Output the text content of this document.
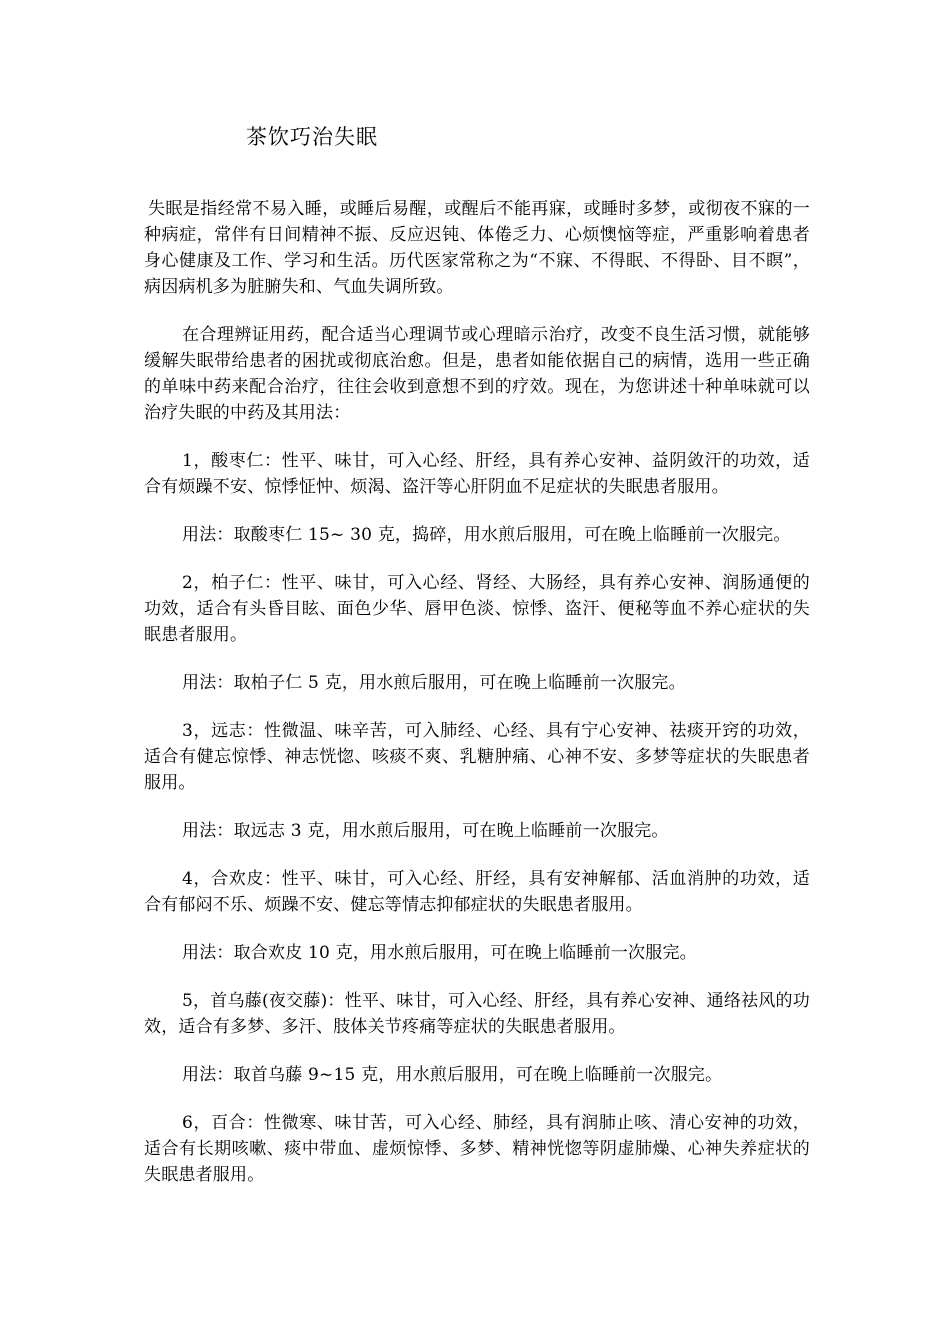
茶饮巧治失眠

失眠是指经常不易入睡，或睡后易醒，或醒后不能再寐，或睡时多梦，或彻夜不寐的一种病症，常伴有日间精神不振、反应迟钝、体倦乏力、心烦懊恼等症，严重影响着患者身心健康及工作、学习和生活。历代医家常称之为“不寐、不得眠、不得卧、目不瞑”，病因病机多为脏腑失和、气血失调所致。

在合理辨证用药，配合适当心理调节或心理暗示治疗，改变不良生活习惯，就能够缓解失眠带给患者的困扰或彻底治愈。但是，患者如能依据自己的病情，选用一些正确的单味中药来配合治疗，往往会收到意想不到的疗效。现在，为您讲述十种单味就可以治疗失眠的中药及其用法：

1，酸枣仁：性平、味甘，可入心经、肝经，具有养心安神、益阴敛汗的功效，适合有烦躁不安、惊悸怔忡、烦渴、盗汗等心肝阴血不足症状的失眠患者服用。

用法：取酸枣仁 15~ 30 克，捣碎，用水煎后服用，可在晚上临睡前一次服完。

2，柏子仁：性平、味甘，可入心经、肾经、大肠经，具有养心安神、润肠通便的功效，适合有头昏目眩、面色少华、唇甲色淡、惊悸、盗汗、便秘等血不养心症状的失眠患者服用。

用法：取柏子仁 5 克，用水煎后服用，可在晚上临睡前一次服完。

3，远志：性微温、味辛苦，可入肺经、心经、具有宁心安神、祛痰开窍的功效，适合有健忘惊悸、神志恍惚、咳痰不爽、乳糖肿痛、心神不安、多梦等症状的失眠患者服用。

用法：取远志 3 克，用水煎后服用，可在晚上临睡前一次服完。

4，合欢皮：性平、味甘，可入心经、肝经，具有安神解郁、活血消肿的功效，适合有郁闷不乐、烦躁不安、健忘等情志抑郁症状的失眠患者服用。

用法：取合欢皮 10 克，用水煎后服用，可在晚上临睡前一次服完。

5，首乌藤(夜交藤)：性平、味甘，可入心经、肝经，具有养心安神、通络祛风的功效，适合有多梦、多汗、肢体关节疼痛等症状的失眠患者服用。

用法：取首乌藤 9~15 克，用水煎后服用，可在晚上临睡前一次服完。

6，百合：性微寒、味甘苦，可入心经、肺经，具有润肺止咳、清心安神的功效，适合有长期咳嗽、痰中带血、虚烦惊悸、多梦、精神恍惚等阴虚肺燥、心神失养症状的失眠患者服用。
